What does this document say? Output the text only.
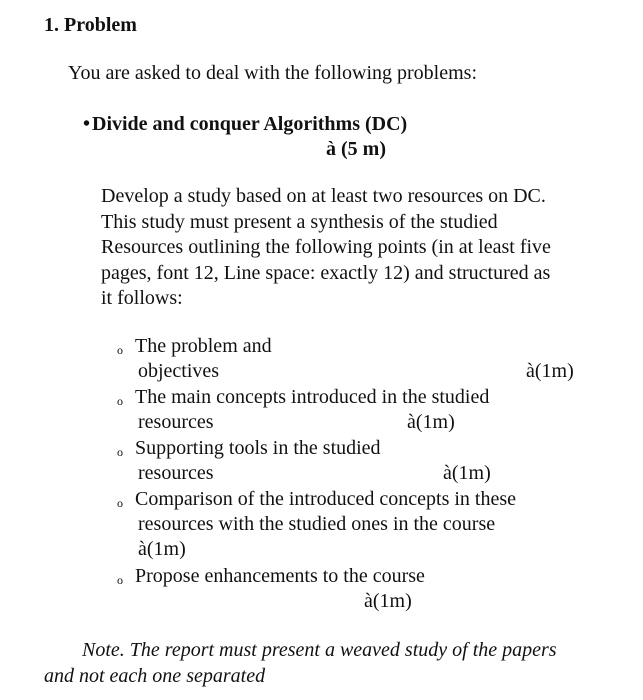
1. Problem
You are asked to deal with the following problems:
• Divide and conquer Algorithms (DC)
à (5 m)
Develop a study based on at least two resources on DC.
This study must present a synthesis of the studied
Resources outlining the following points (in at least five
pages, font 12, Line space: exactly 12) and structured as
it follows:
o The problem and
objectives	à(1m)
o The main concepts introduced in the studied
resources	à(1m)
o Supporting tools in the studied
resources	à(1m)
o Comparison of the introduced concepts in these
resources with the studied ones in the course
à(1m)
o Propose enhancements to the course
à(1m)
Note. The report must present a weaved study of the papers
and not each one separated
